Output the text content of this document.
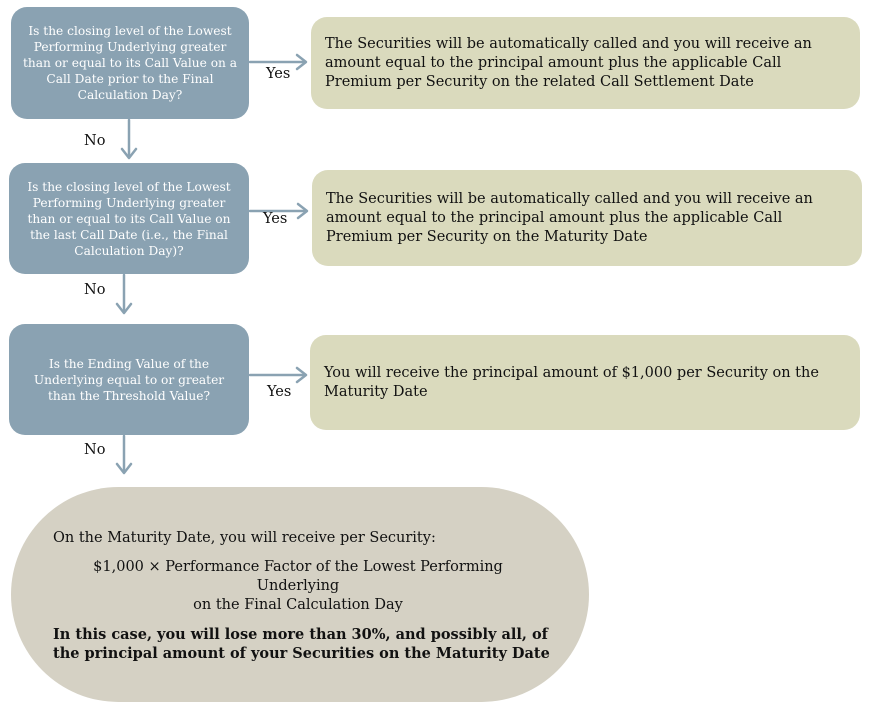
Is the closing level of the Lowest Performing Underlying greater than or equal to its Call Value on a Call Date prior to the Final Calculation Day?
Yes
The Securities will be automatically called and you will receive an amount equal to the principal amount plus the applicable Call Premium per Security on the related Call Settlement Date
No
Is the closing level of the Lowest Performing Underlying greater than or equal to its Call Value on the last Call Date (i.e., the Final Calculation Day)?
Yes
The Securities will be automatically called and you will receive an amount equal to the principal amount plus the applicable Call Premium per Security on the Maturity Date
No
Is the Ending Value of the Underlying equal to or greater than the Threshold Value?	Yes
You will receive the principal amount of $1,000 per Security on the Maturity Date
No
On the Maturity Date, you will receive per Security:
$1,000 × Performance Factor of the Lowest Performing Underlying
on the Final Calculation Day
In this case, you will lose more than 30%, and possibly all, of the principal amount of your Securities on the Maturity Date
